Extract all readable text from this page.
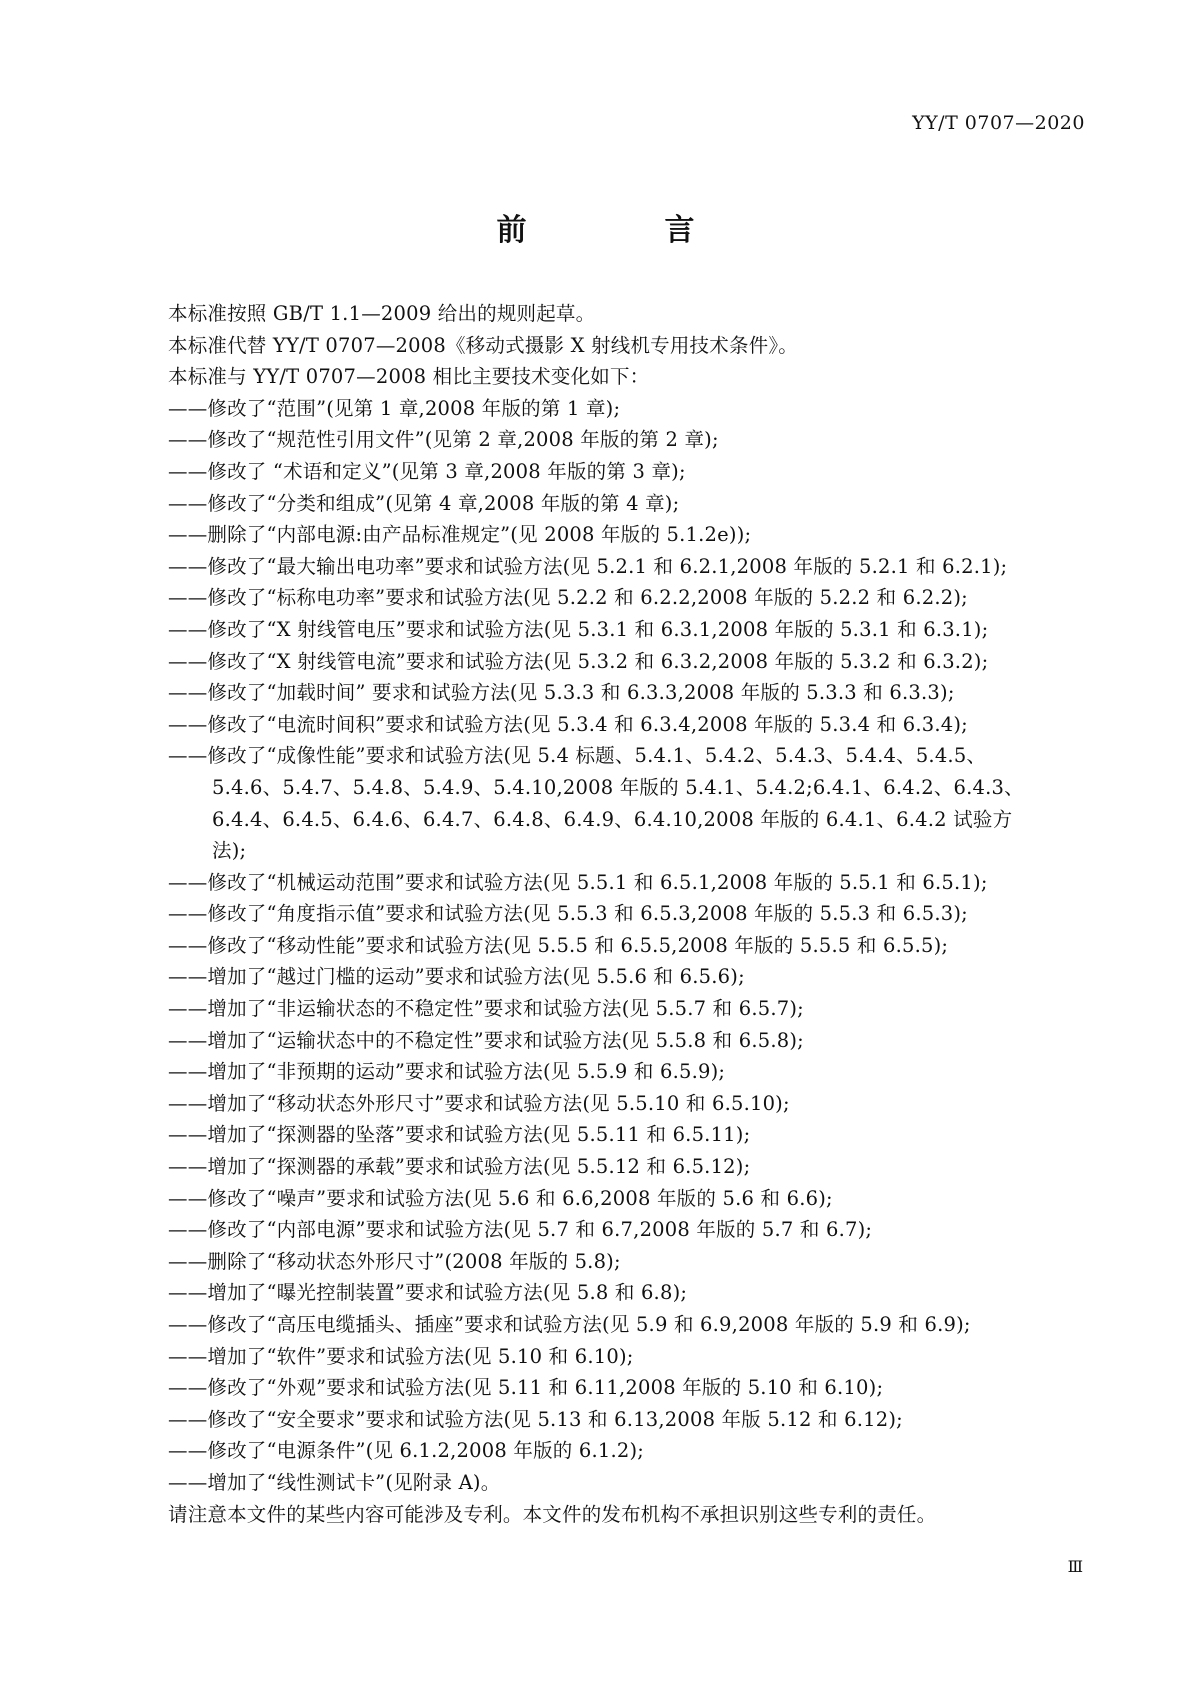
YY/T 0707—2020
前　　言

本标准按照 GB/T 1.1—2009 给出的规则起草。

本标准代替 YY/T 0707—2008《移动式摄影 X 射线机专用技术条件》。

本标准与 YY/T 0707—2008 相比主要技术变化如下：

——修改了“范围”(见第 1 章,2008 年版的第 1 章);

——修改了“规范性引用文件”(见第 2 章,2008 年版的第 2 章);

——修改了 “术语和定义”(见第 3 章,2008 年版的第 3 章);

——修改了“分类和组成”(见第 4 章,2008 年版的第 4 章);

——删除了“内部电源:由产品标准规定”(见 2008 年版的 5.1.2e));

——修改了“最大输出电功率”要求和试验方法(见 5.2.1 和 6.2.1,2008 年版的 5.2.1 和 6.2.1);

——修改了“标称电功率”要求和试验方法(见 5.2.2 和 6.2.2,2008 年版的 5.2.2 和 6.2.2);

——修改了“X 射线管电压”要求和试验方法(见 5.3.1 和 6.3.1,2008 年版的 5.3.1 和 6.3.1);

——修改了“X 射线管电流”要求和试验方法(见 5.3.2 和 6.3.2,2008 年版的 5.3.2 和 6.3.2);

——修改了“加载时间” 要求和试验方法(见 5.3.3 和 6.3.3,2008 年版的 5.3.3 和 6.3.3);

——修改了“电流时间积”要求和试验方法(见 5.3.4 和 6.3.4,2008 年版的 5.3.4 和 6.3.4);

——修改了“成像性能”要求和试验方法(见 5.4 标题、5.4.1、5.4.2、5.4.3、5.4.4、5.4.5、5.4.6、5.4.7、5.4.8、5.4.9、5.4.10,2008 年版的 5.4.1、5.4.2;6.4.1、6.4.2、6.4.3、6.4.4、6.4.5、6.4.6、6.4.7、6.4.8、6.4.9、6.4.10,2008 年版的 6.4.1、6.4.2 试验方法);

——修改了“机械运动范围”要求和试验方法(见 5.5.1 和 6.5.1,2008 年版的 5.5.1 和 6.5.1);

——修改了“角度指示值”要求和试验方法(见 5.5.3 和 6.5.3,2008 年版的 5.5.3 和 6.5.3);

——修改了“移动性能”要求和试验方法(见 5.5.5 和 6.5.5,2008 年版的 5.5.5 和 6.5.5);

——增加了“越过门槛的运动”要求和试验方法(见 5.5.6 和 6.5.6);

——增加了“非运输状态的不稳定性”要求和试验方法(见 5.5.7 和 6.5.7);

——增加了“运输状态中的不稳定性”要求和试验方法(见 5.5.8 和 6.5.8);

——增加了“非预期的运动”要求和试验方法(见 5.5.9 和 6.5.9);

——增加了“移动状态外形尺寸”要求和试验方法(见 5.5.10 和 6.5.10);

——增加了“探测器的坠落”要求和试验方法(见 5.5.11 和 6.5.11);

——增加了“探测器的承载”要求和试验方法(见 5.5.12 和 6.5.12);

——修改了“噪声”要求和试验方法(见 5.6 和 6.6,2008 年版的 5.6 和 6.6);

——修改了“内部电源”要求和试验方法(见 5.7 和 6.7,2008 年版的 5.7 和 6.7);

——删除了“移动状态外形尺寸”(2008 年版的 5.8);

——增加了“曝光控制装置”要求和试验方法(见 5.8 和 6.8);

——修改了“高压电缆插头、插座”要求和试验方法(见 5.9 和 6.9,2008 年版的 5.9 和 6.9);

——增加了“软件”要求和试验方法(见 5.10 和 6.10);

——修改了“外观”要求和试验方法(见 5.11 和 6.11,2008 年版的 5.10 和 6.10);

——修改了“安全要求”要求和试验方法(见 5.13 和 6.13,2008 年版 5.12 和 6.12);

——修改了“电源条件”(见 6.1.2,2008 年版的 6.1.2);

——增加了“线性测试卡”(见附录 A)。

请注意本文件的某些内容可能涉及专利。本文件的发布机构不承担识别这些专利的责任。

Ⅲ
